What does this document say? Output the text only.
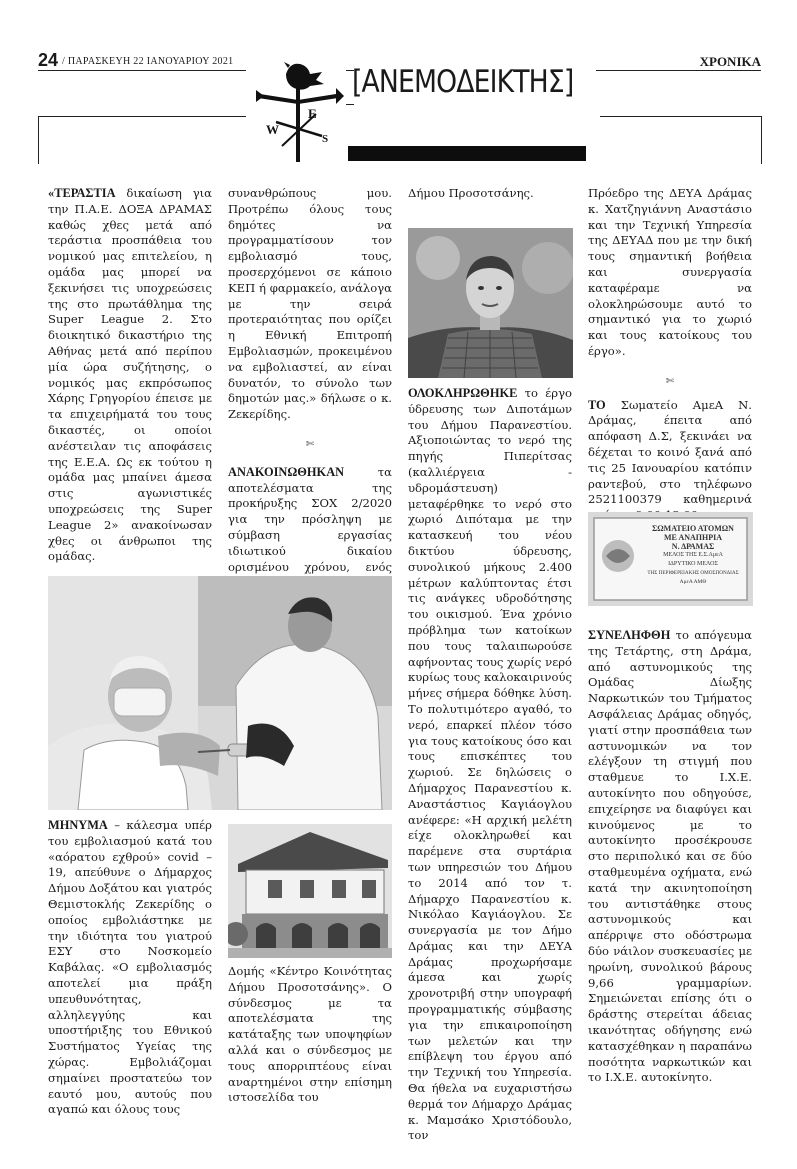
24 / ΠΑΡΑΣΚΕΥΗ 22 ΙΑΝΟΥΑΡΙΟΥ 2021	ΧΡΟΝΙΚΑ
E
W
S
[ΑΝΕΜΟΔΕΙΚΤΗΣ]

«ΤΕΡΑΣΤΙΑ δικαίωση για την Π.Α.Ε. ΔΟΞΑ ΔΡΑΜΑΣ καθώς χθες μετά από τεράστια προσπάθεια του νομικού μας επιτελείου, η ομάδα μας μπορεί να ξεκινήσει τις υποχρεώσεις της στο πρωτάθλημα της Super League 2. Στο διοικητικό δικαστήριο της Αθήνας μετά από περίπου μία ώρα συζήτησης, ο νομικός μας εκπρόσωπος Χάρης Γρηγορίου έπεισε με τα επιχειρήματά του τους δικαστές, οι οποίοι ανέστειλαν τις αποφάσεις της Ε.Ε.Α. Ως εκ τούτου η ομάδα μας μπαίνει άμεσα στις αγωνιστικές υποχρεώσεις της Super League 2» ανακοίνωσαν χθες οι άνθρωποι της ομάδας.

συνανθρώπους μου. Προτρέπω όλους τους δημότες να προγραμματίσουν τον εμβολιασμό τους, προσερχόμενοι σε κάποιο ΚΕΠ ή φαρμακείο, ανάλογα με την σειρά προτεραιότητας που ορίζει η Εθνική Επιτροπή Εμβολιασμών, προκειμένου να εμβολιαστεί, αν είναι δυνατόν, το σύνολο των δημοτών μας.» δήλωσε ο κ. Ζεκερίδης.

✄

ΑΝΑΚΟΙΝΩΘΗΚΑΝ	τα αποτελέσματα της προκήρυξης ΣΟΧ 2/2020 για την πρόσληψη με σύμβαση εργασίας ιδιωτικού δικαίου ορισμένου χρόνου, ενός

Δήμου Προσοτσάνης.

ΟΛΟΚΛΗΡΩΘΗΚΕ το έργο ύδρευσης των Διποτάμων του Δήμου Παρανεστίου. Αξιοποιώντας το νερό της πηγής Πιπερίτσας (καλλιέργεια - υδρομάστευση) μεταφέρθηκε το νερό στο χωριό Διπόταμα με την κατασκευή του νέου δικτύου ύδρευσης, συνολικού μήκους 2.400 μέτρων καλύπτοντας έτσι τις ανάγκες υδροδότησης του οικισμού. Ένα χρόνιο πρόβλημα των κατοίκων που τους ταλαιπωρούσε αφήνοντας τους χωρίς νερό κυρίως τους καλοκαιρινούς μήνες σήμερα δόθηκε λύση. Το πολυτιμότερο αγαθό, το νερό, επαρκεί πλέον τόσο για τους κατοίκους όσο και τους επισκέπτες του χωριού. Σε δηλώσεις ο Δήμαρχος Παρανεστίου κ. Αναστάστιος Καγιάογλου ανέφερε: «Η αρχική μελέτη είχε ολοκληρωθεί και παρέμενε στα συρτάρια των υπηρεσιών του Δήμου το 2014 από τον τ. Δήμαρχο Παρανεστίου κ. Νικόλαο Καγιάογλου. Σε συνεργασία με τον Δήμο Δράμας και την ΔΕΥΑ Δράμας προχωρήσαμε άμεσα και χωρίς χρονοτριβή στην υπογραφή προγραμματικής σύμβασης για την επικαιροποίηση των μελετών και την επίβλεψη του έργου από την Τεχνική του Υπηρεσία. Θα ήθελα να ευχαριστήσω θερμά τον Δήμαρχο Δράμας κ. Μαμσάκο Χριστόδουλο, τον

Πρόεδρο της ΔΕΥΑ Δράμας κ. Χατζηγιάννη Αναστάσιο και την Τεχνική Υπηρεσία της ΔΕΥΑΔ που με την δική τους σημαντική βοήθεια και συνεργασία καταφέραμε να ολοκληρώσουμε αυτό το σημαντικό για το χωριό και τους κατοίκους του έργο».

✄

ΤΟ Σωματείο ΑμεΑ Ν. Δράμας, έπειτα από απόφαση Δ.Σ, ξεκινάει να δέχεται το κοινό ξανά από τις 25 Ιανουαρίου κατόπιν ραντεβού, στο τηλέφωνο 2521100379 καθημερινά

ΣΩΜΑΤΕΙΟ ΑΤΟΜΩΝ
ΜΕ ΑΝΑΠΗΡΙΑ
Ν. ΔΡΑΜΑΣ
ΜΕΛΟΣ ΤΗΣ Ε.Σ.ΑμεΑ
ΙΔΡΥΤΙΚΟ ΜΕΛΟΣ
ΤΗΣ ΠΕΡΙΦΕΡΕΙΑΚΗΣ ΟΜΟΣΠΟΝΔΙΑΣ
ΑμεΑ ΑΜΘ

ΣΥΝΕΛΗΦΘΗ το απόγευμα της Τετάρτης, στη Δράμα, από αστυνομικούς της Ομάδας Δίωξης Ναρκωτικών του Τμήματος Ασφάλειας Δράμας οδηγός, γιατί στην προσπάθεια των αστυνομικών να τον ελέγξουν τη στιγμή που σταθμευε το Ι.Χ.Ε. αυτοκίνητο που οδηγούσε, επιχείρησε να διαφύγει και κινούμενος με το αυτοκίνητο προσέκρουσε στο περιπολικό και σε δύο σταθμευμένα οχήματα, ενώ κατά την ακινητοποίηση του αντιστάθηκε στους αστυνομικούς και απέρριψε στο οδόστρωμα δύο νάιλον συσκευασίες με ηρωίνη, συνολικού βάρους 9,66 γραμμαρίων. Σημειώνεται επίσης ότι ο δράστης στερείται άδειας ικανότητας οδήγησης ενώ κατασχέθηκαν η παραπάνω ποσότητα ναρκωτικών και το Ι.Χ.Ε. αυτοκίνητο.

ΜΗΝΥΜΑ – κάλεσμα υπέρ του εμβολιασμού κατά του «αόρατου εχθρού» covid – 19, απεύθυνε ο Δήμαρχος Δήμου Δοξάτου και γιατρός Θεμιστοκλής Ζεκερίδης ο οποίος εμβολιάστηκε με την ιδιότητα του γιατρού ΕΣΥ στο Νοσκομείο Καβάλας. «Ο εμβολιασμός αποτελεί μια πράξη υπευθυνότητας, αλληλεγγύης και υποστήριξης του Εθνικού Συστήματος Υγείας της χώρας. Εμβολιάζομαι σημαίνει προστατεύω τον εαυτό μου, αυτούς που αγαπώ και όλους τους

Δομής «Κέντρο Κοινότητας Δήμου Προσοτσάνης». Ο σύνδεσμος με τα αποτελέσματα της κατάταξης των υποψηφίων αλλά και ο σύνδεσμος με τους απορριπτέους είναι αναρτημένοι στην επίσημη ιστοσελίδα του
